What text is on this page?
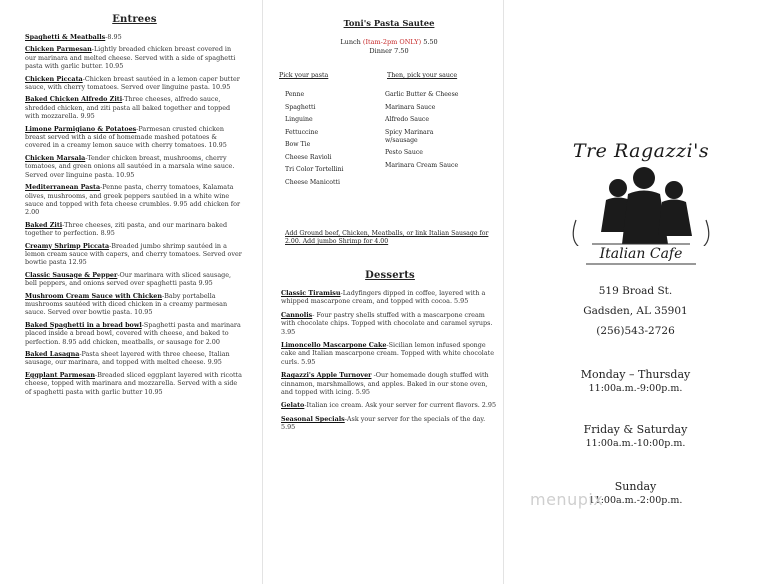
Entrees
Spaghetti & Meatballs-8.95
Chicken Parmesan-Lightly breaded chicken breast covered in our marinara and melted cheese. Served with a side of spaghetti pasta with garlic butter. 10.95
Chicken Piccata-Chicken breast sautéed in a lemon caper butter sauce, with cherry tomatoes. Served over linguine pasta. 10.95
Baked Chicken Alfredo Ziti-Three cheeses, alfredo sauce, shredded chicken, and ziti pasta all baked together and topped with mozzarella. 9.95
Limone Parmigiano & Potatoes-Parmesan crusted chicken breast served with a side of homemade mashed potatoes & covered in a creamy lemon sauce with cherry tomatoes. 10.95
Chicken Marsala-Tender chicken breast, mushrooms, cherry tomatoes, and green onions all sautéed in a marsala wine sauce. Served over linguine pasta. 10.95
Mediterranean Pasta-Penne pasta, cherry tomatoes, Kalamata olives, mushrooms, and greek peppers sautéed in a white wine sauce and topped with feta cheese crumbles. 9.95 add chicken for 2.00
Baked Ziti-Three cheeses, ziti pasta, and our marinara baked together to perfection. 8.95
Creamy Shrimp Piccata-Breaded jumbo shrimp sautéed in a lemon cream sauce with capers, and cherry tomatoes. Served over bowtie pasta 12.95
Classic Sausage & Pepper-Our marinara with sliced sausage, bell peppers, and onions served over spaghetti pasta 9.95
Mushroom Cream Sauce with Chicken-Baby portabella mushrooms sautéed with diced chicken in a creamy parmesan sauce. Served over bowtie pasta. 10.95
Baked Spaghetti in a bread bowl-Spaghetti pasta and marinara placed inside a bread bowl, covered with cheese, and baked to perfection. 8.95 add chicken, meatballs, or sausage for 2.00
Baked Lasagna-Pasta sheet layered with three cheese, Italian sausage, our marinara, and topped with melted cheese. 9.95
Eggplant Parmesan-Breaded sliced eggplant layered with ricotta cheese, topped with marinara and mozzarella. Served with a side of spaghetti pasta with garlic butter 10.95
Toni's Pasta Sautee
Lunch (Itam-2pm ONLY) 5.50
Dinner 7.50
Pick your pasta	Then, pick your sauce
Penne
Spaghetti
Linguine
Fettuccine
Bow Tie
Cheese Ravioli
Tri Color Tortellini
Cheese Manicotti
Garlic Butter & Cheese
Marinara Sauce
Alfredo Sauce
Spicy Marinara w/sausage
Pesto Sauce
Marinara Cream Sauce
Add Ground beef, Chicken, Meatballs, or link Italian Sausage for 2.00. Add jumbo Shrimp for 4.00
Desserts
Classic Tiramisu-Ladyfingers dipped in coffee, layered with a whipped mascarpone cream, and topped with cocoa. 5.95
Cannolis- Four pastry shells stuffed with a mascarpone cream with chocolate chips. Topped with chocolate and caramel syrups. 3.95
Limoncello Mascarpone Cake-Sicilian lemon infused sponge cake and Italian mascarpone cream. Topped with white chocolate curls. 5.95
Ragazzi's Apple Turnover -Our homemade dough stuffed with cinnamon, marshmallows, and apples. Baked in our stone oven, and topped with icing. 5.95
Gelato-Italian ice cream. Ask your server for current flavors. 2.95
Seasonal Specials-Ask your server for the specials of the day. 5.95
Tre Ragazzi's
Italian Cafe
519 Broad St.
Gadsden, AL 35901
(256)543-2726
Monday – Thursday
11:00a.m.-9:00p.m.
Friday & Saturday
11:00a.m.-10:00p.m.
Sunday
11:00a.m.-2:00p.m.
menupix
